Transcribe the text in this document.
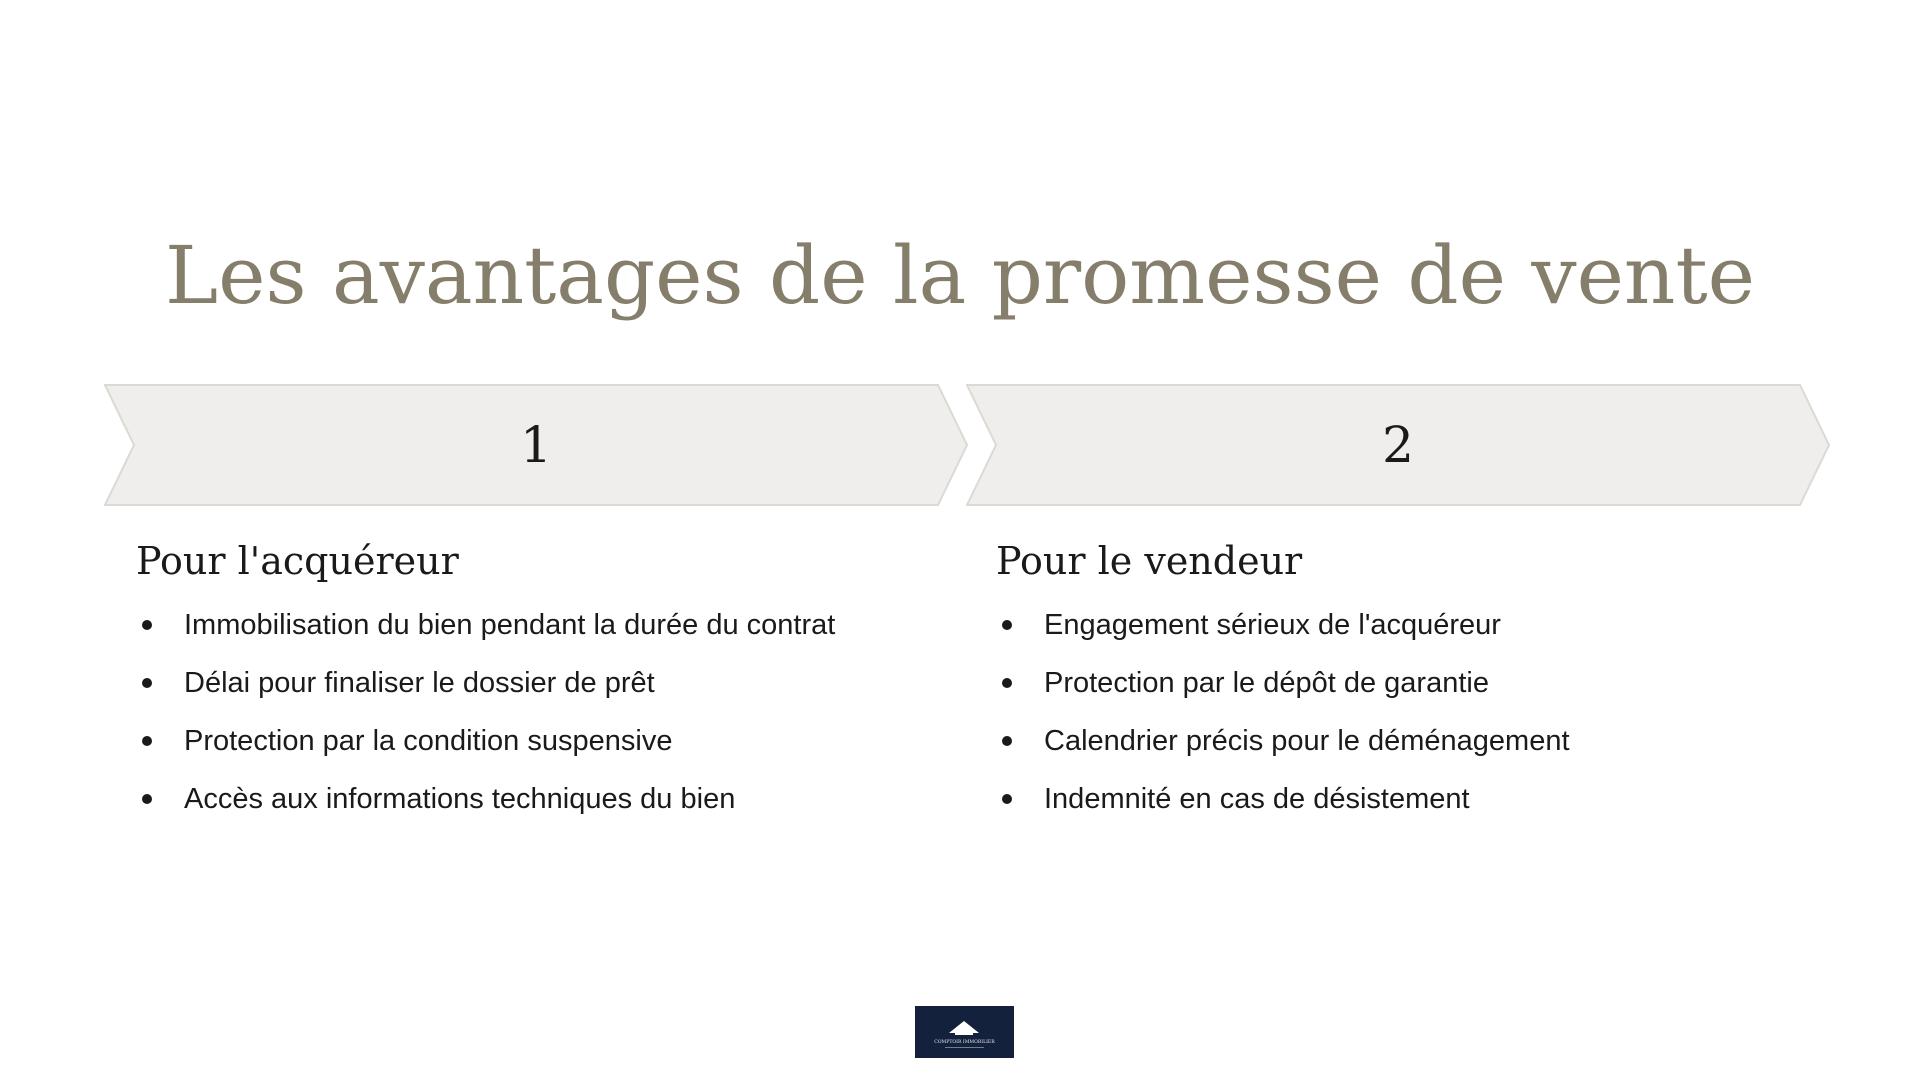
Les avantages de la promesse de vente
1	2
Pour l'acquéreur
Immobilisation du bien pendant la durée du contrat
Délai pour finaliser le dossier de prêt
Protection par la condition suspensive
Accès aux informations techniques du bien
Pour le vendeur
Engagement sérieux de l'acquéreur
Protection par le dépôt de garantie
Calendrier précis pour le déménagement
Indemnité en cas de désistement
COMPTOIR IMMOBILIER
